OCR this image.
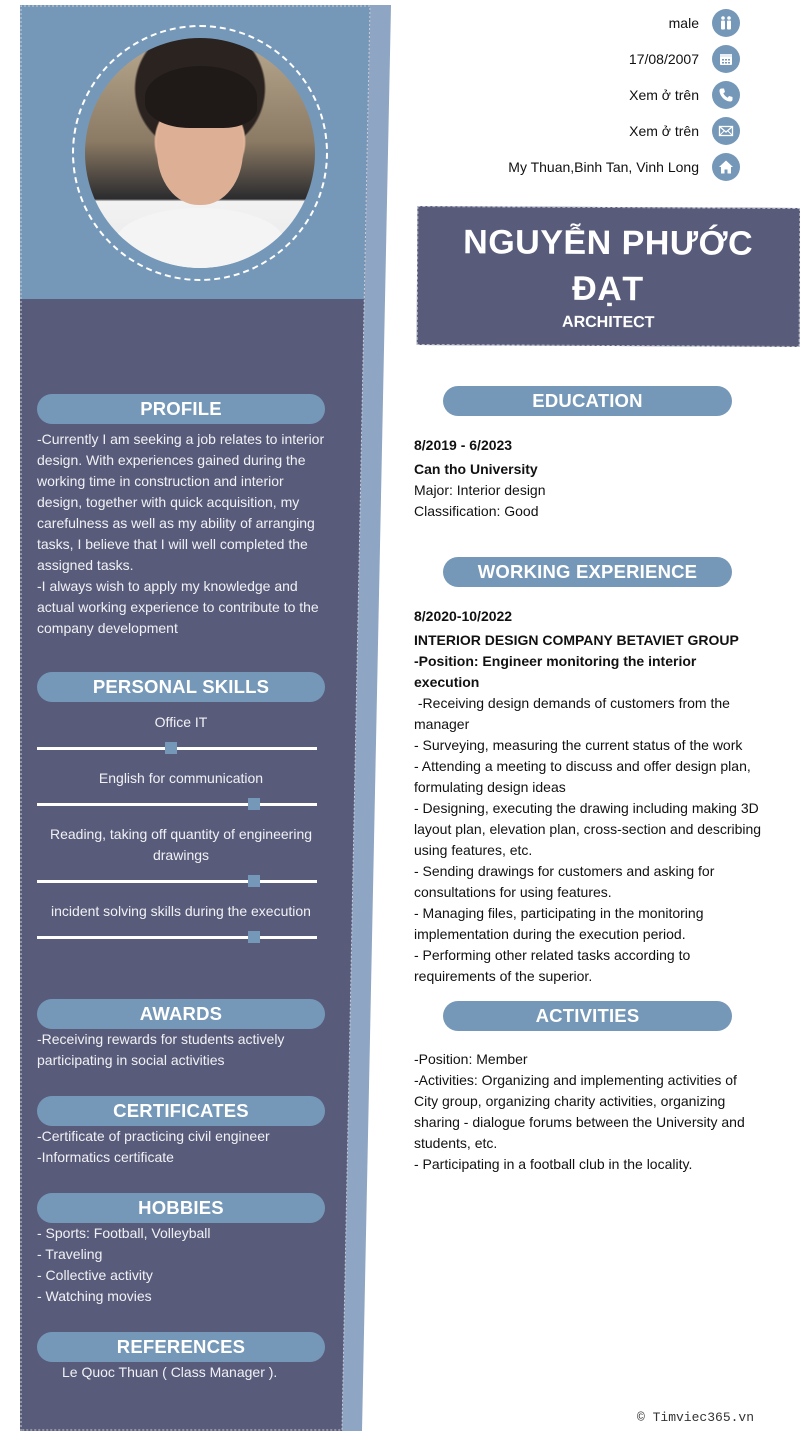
male
17/08/2007
Xem ở trên
Xem ở trên
My Thuan,Binh Tan, Vinh Long
NGUYỄN PHƯỚC ĐẠT
ARCHITECT
PROFILE
-Currently I am seeking a job relates to interior design. With experiences gained during the working time in construction and interior design, together with quick acquisition, my carefulness as well as my ability of arranging tasks, I believe that I will well completed the assigned tasks.
-I always wish to apply my knowledge and actual working experience to contribute to the company development
PERSONAL SKILLS
Office IT
English for communication
Reading, taking off quantity of engineering drawings
incident solving skills during the execution
AWARDS
-Receiving rewards for students actively participating in social activities
CERTIFICATES
-Certificate of practicing civil engineer
-Informatics certificate
HOBBIES
- Sports: Football, Volleyball
- Traveling
- Collective activity
- Watching movies
REFERENCES
Le Quoc Thuan ( Class Manager ).
EDUCATION
8/2019 - 6/2023
Can tho University
Major: Interior design
Classification: Good
WORKING EXPERIENCE
8/2020-10/2022
INTERIOR DESIGN COMPANY BETAVIET GROUP
-Position: Engineer monitoring the interior execution
-Receiving design demands of customers from the manager
- Surveying, measuring the current status of the work
- Attending a meeting to discuss and offer design plan, formulating design ideas
- Designing, executing the drawing including making 3D layout plan, elevation plan, cross-section and describing using features, etc.
- Sending drawings for customers and asking for consultations for using features.
- Managing files, participating in the monitoring implementation during the execution period.
- Performing other related tasks according to requirements of the superior.
ACTIVITIES
-Position: Member
-Activities: Organizing and implementing activities of City group, organizing charity activities, organizing sharing - dialogue forums between the University and students, etc.
- Participating in a football club in the locality.
© Timviec365.vn
